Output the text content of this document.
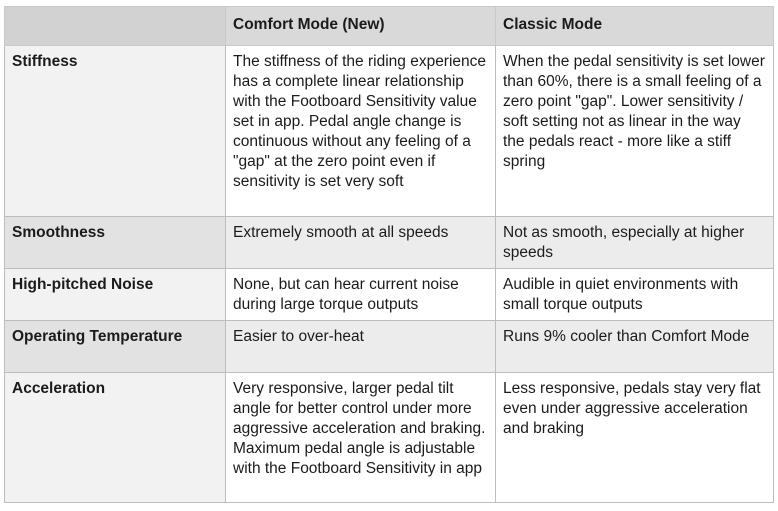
	Comfort Mode (New)	Classic Mode
Stiffness	The stiffness of the riding experience has a complete linear relationship with the Footboard Sensitivity value set in app. Pedal angle change is continuous without any feeling of a "gap" at the zero point even if sensitivity is set very soft	When the pedal sensitivity is set lower than 60%, there is a small feeling of a zero point "gap". Lower sensitivity / soft setting not as linear in the way the pedals react - more like a stiff spring
Smoothness	Extremely smooth at all speeds	Not as smooth, especially at higher speeds
High-pitched Noise	None, but can hear current noise during large torque outputs	Audible in quiet environments with small torque outputs
Operating Temperature	Easier to over-heat	Runs 9% cooler than Comfort Mode
Acceleration	Very responsive, larger pedal tilt angle for better control under more aggressive acceleration and braking. Maximum pedal angle is adjustable with the Footboard Sensitivity in app	Less responsive, pedals stay very flat even under aggressive acceleration and braking
